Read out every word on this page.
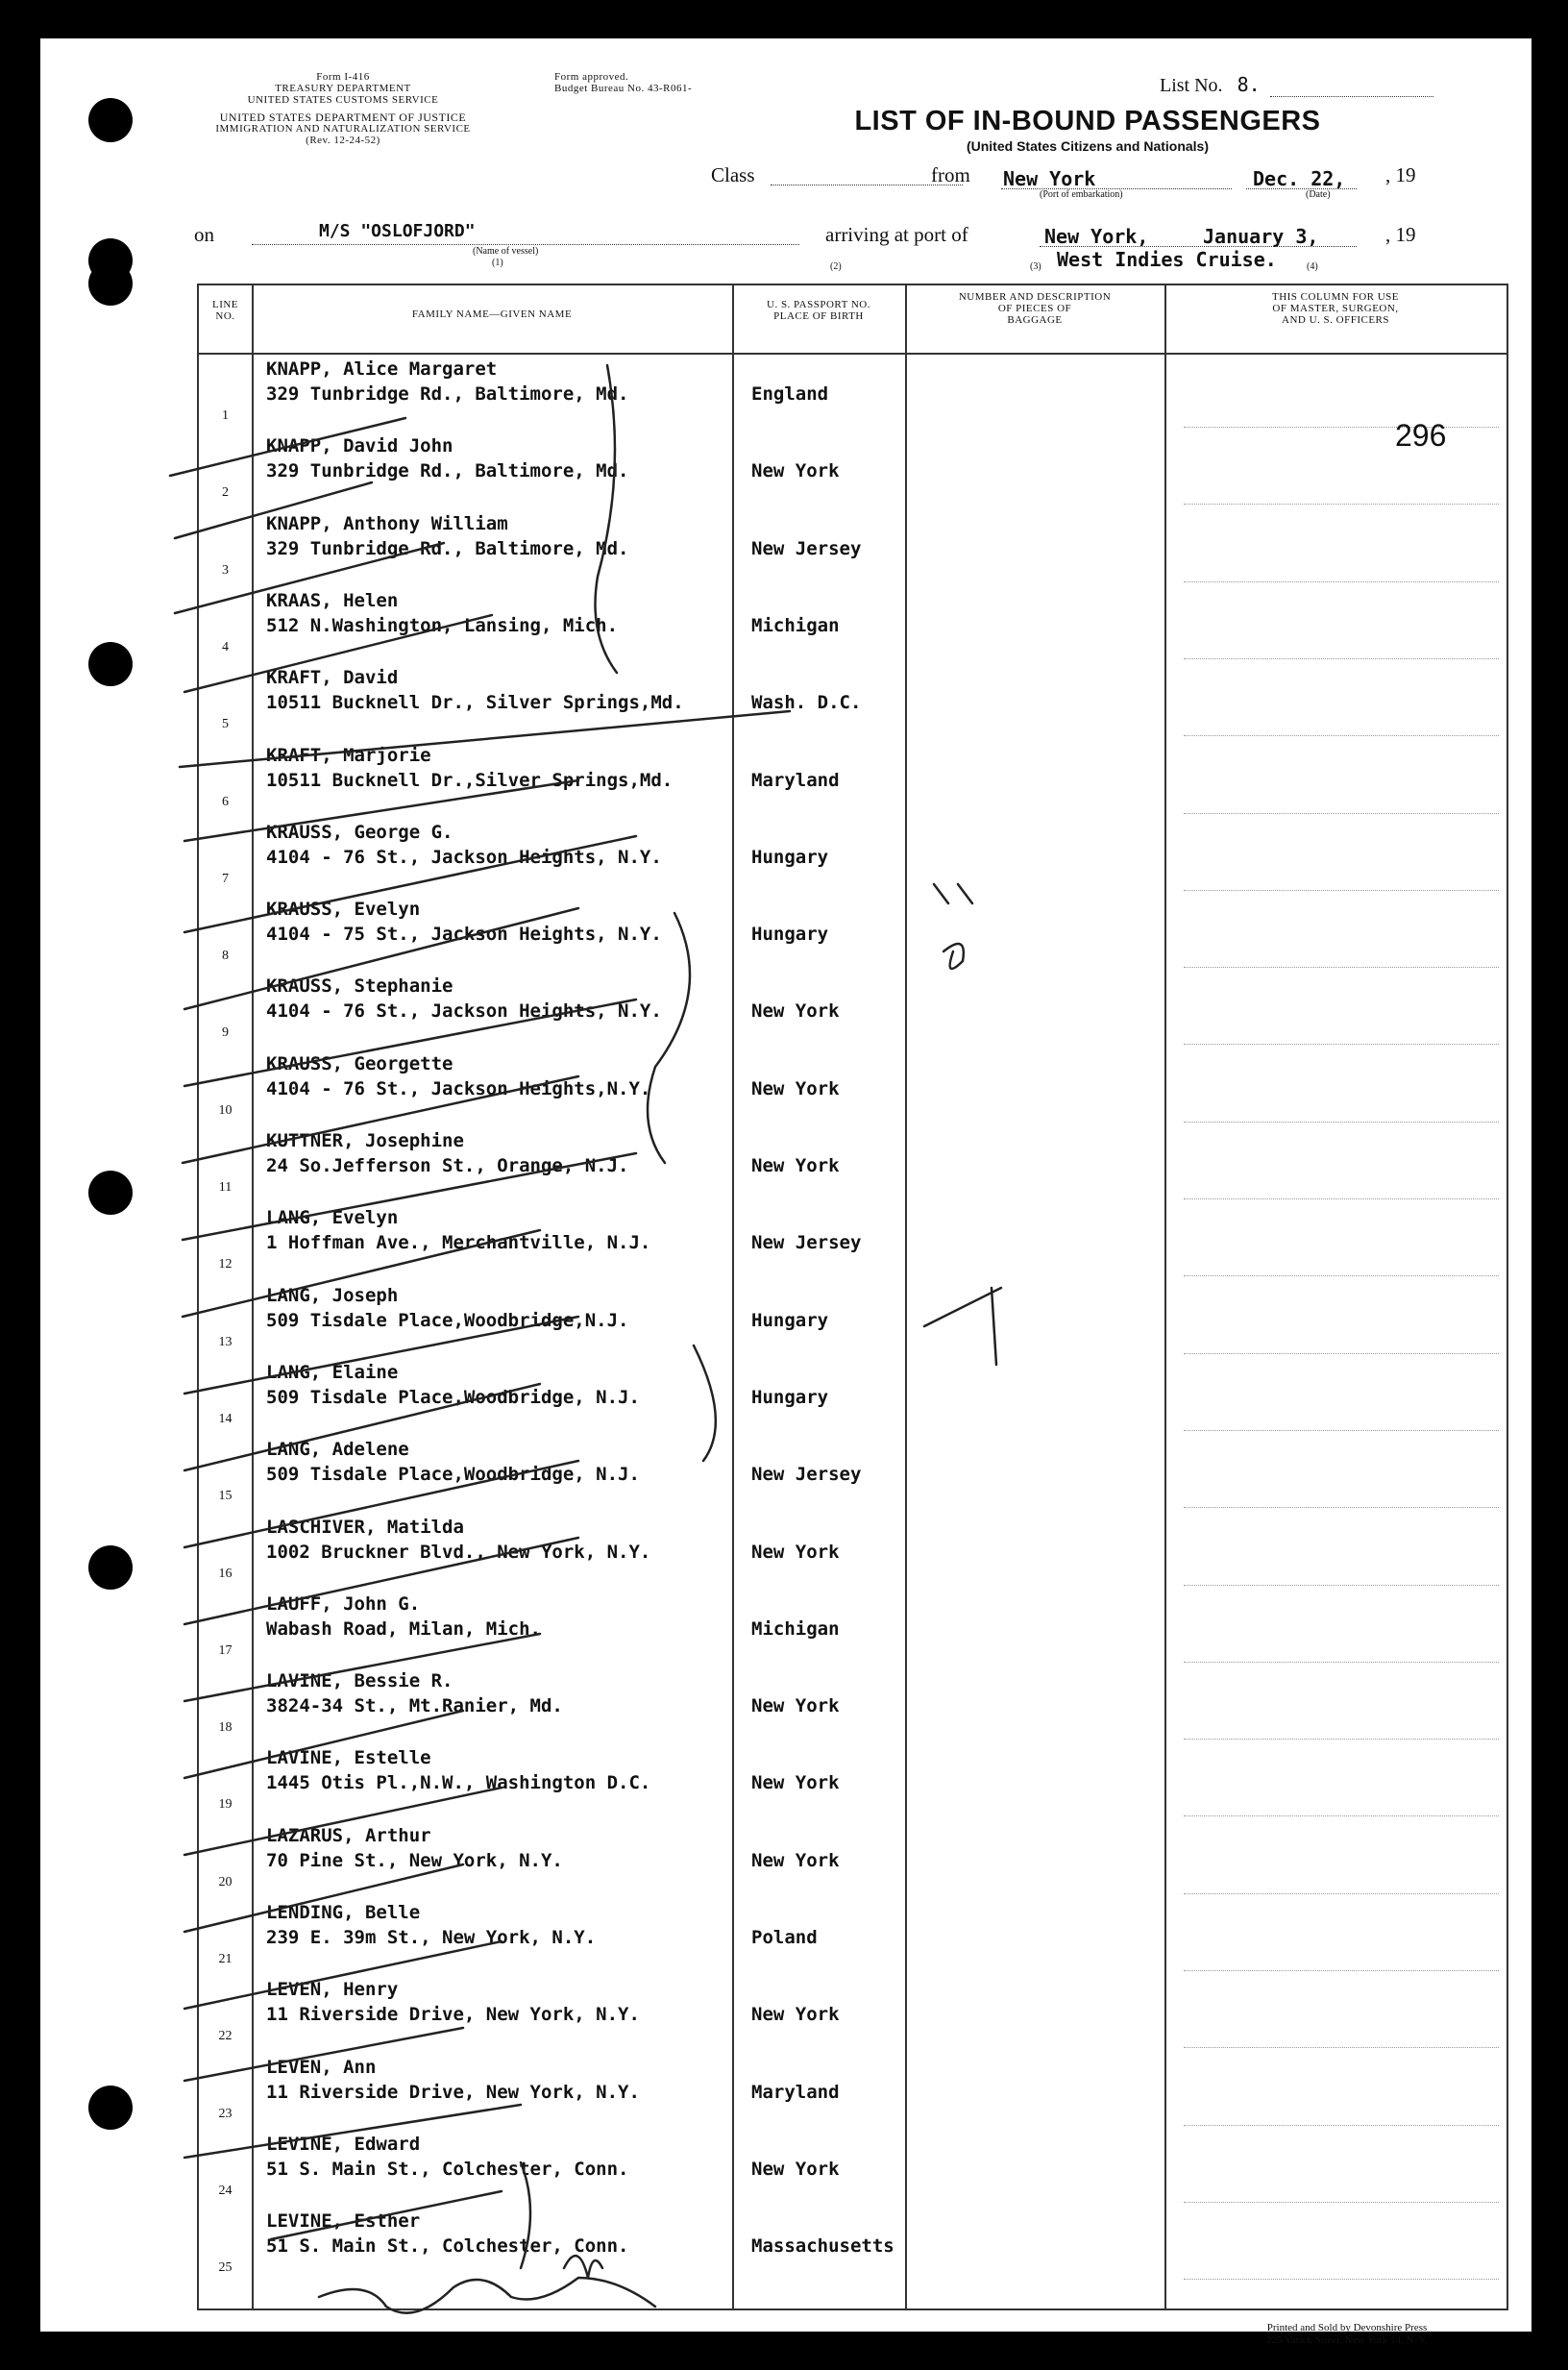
Form I-416
TREASURY DEPARTMENT
UNITED STATES CUSTOMS SERVICE
UNITED STATES DEPARTMENT OF JUSTICE
IMMIGRATION AND NATURALIZATION SERVICE
(Rev. 12-24-52)
Form approved.
Budget Bureau No. 43-R061-	List No. 8.
LIST OF IN-BOUND PASSENGERS
(United States Citizens and Nationals)
Class	from New York
(Port of embarkation)
Dec. 22,
(Date)
, 19
on	M/S "OSLOFJORD"
(Name of vessel)
(1)
arriving at port of	New York,	January 3,	, 19
West Indies Cruise.
(2)	(3)	(4)
LINE
NO.	FAMILY NAME—GIVEN NAME
U. S. PASSPORT NO.
PLACE OF BIRTH
NUMBER AND DESCRIPTION
OF PIECES OF
BAGGAGE
THIS COLUMN FOR USE
OF MASTER, SURGEON,
AND U. S. OFFICERS
1
KNAPP, Alice Margaret
329 Tunbridge Rd., Baltimore, Md.	England
2
KNAPP, David John
329 Tunbridge Rd., Baltimore, Md.	New York
3
KNAPP, Anthony William
329 Tunbridge Rd., Baltimore, Md.	New Jersey
4
KRAAS, Helen
512 N.Washington, Lansing, Mich.	Michigan
5
KRAFT, David
10511 Bucknell Dr., Silver Springs,Md.	Wash. D.C.
6
KRAFT, Marjorie
10511 Bucknell Dr.,Silver Springs,Md.	Maryland
7
KRAUSS, George G.
4104 - 76 St., Jackson Heights, N.Y.	Hungary
8
KRAUSS, Evelyn
4104 - 75 St., Jackson Heights, N.Y.	Hungary
9
KRAUSS, Stephanie
4104 - 76 St., Jackson Heights, N.Y.	New York
10
KRAUSS, Georgette
4104 - 76 St., Jackson Heights,N.Y.	New York
11
KUTTNER, Josephine
24 So.Jefferson St., Orange, N.J.	New York
12
LANG, Evelyn
1 Hoffman Ave., Merchantville, N.J.	New Jersey
13
LANG, Joseph
509 Tisdale Place,Woodbridge,N.J.	Hungary
14
LANG, Elaine
509 Tisdale Place,Woodbridge, N.J.	Hungary
15
LANG, Adelene
509 Tisdale Place,Woodbridge, N.J.	New Jersey
16
LASCHIVER, Matilda
1002 Bruckner Blvd., New York, N.Y.	New York
17
LAUFF, John G.
Wabash Road, Milan, Mich.	Michigan
18
LAVINE, Bessie R.
3824-34 St., Mt.Ranier, Md.	New York
19
LAVINE, Estelle
1445 Otis Pl.,N.W., Washington D.C.	New York
20
LAZARUS, Arthur
70 Pine St., New York, N.Y.	New York
21
LENDING, Belle
239 E. 39m St., New York, N.Y.	Poland
22
LEVEN, Henry
11 Riverside Drive, New York, N.Y.	New York
23
LEVEN, Ann
11 Riverside Drive, New York, N.Y.	Maryland
24
LEVINE, Edward
51 S. Main St., Colchester, Conn.	New York
25
LEVINE, Esther
51 S. Main St., Colchester, Conn.	Massachusetts
296
Printed and Sold by Devonshire Press
225 Varick Street, New York 14, N. Y.
